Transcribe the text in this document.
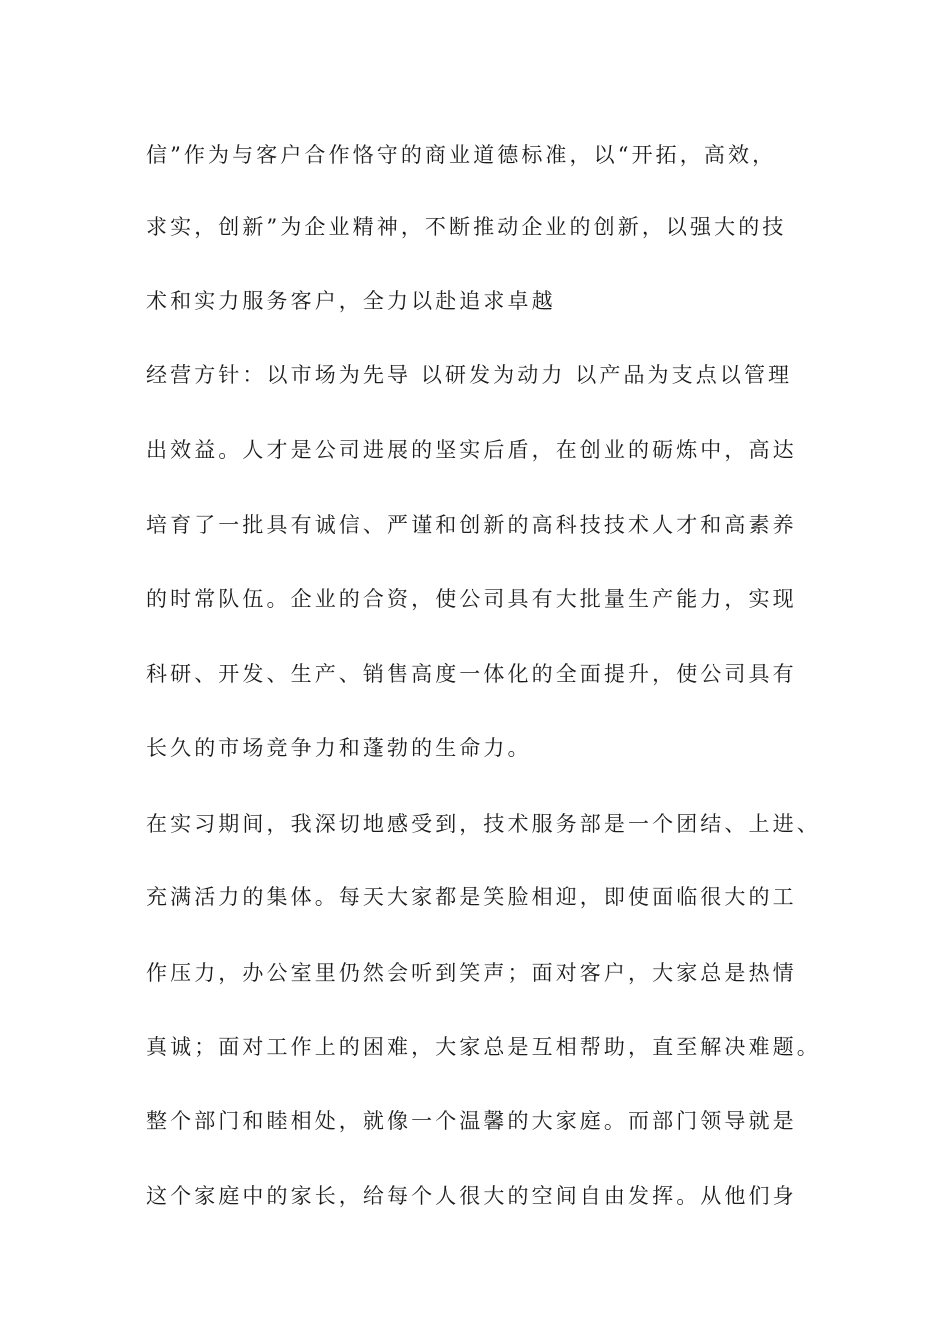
信”作为与客户合作恪守的商业道德标准，以“开拓，高效，
求实，创新”为企业精神，不断推动企业的创新，以强大的技
术和实力服务客户，全力以赴追求卓越
经营方针：以市场为先导 以研发为动力 以产品为支点以管理
出效益。人才是公司进展的坚实后盾，在创业的砺炼中，高达
培育了一批具有诚信、严谨和创新的高科技技术人才和高素养
的时常队伍。企业的合资，使公司具有大批量生产能力，实现
科研、开发、生产、销售高度一体化的全面提升，使公司具有
长久的市场竞争力和蓬勃的生命力。
在实习期间，我深切地感受到，技术服务部是一个团结、上进、
充满活力的集体。每天大家都是笑脸相迎，即使面临很大的工
作压力，办公室里仍然会听到笑声；面对客户，大家总是热情
真诚；面对工作上的困难，大家总是互相帮助，直至解决难题。
整个部门和睦相处，就像一个温馨的大家庭。而部门领导就是
这个家庭中的家长，给每个人很大的空间自由发挥。从他们身
